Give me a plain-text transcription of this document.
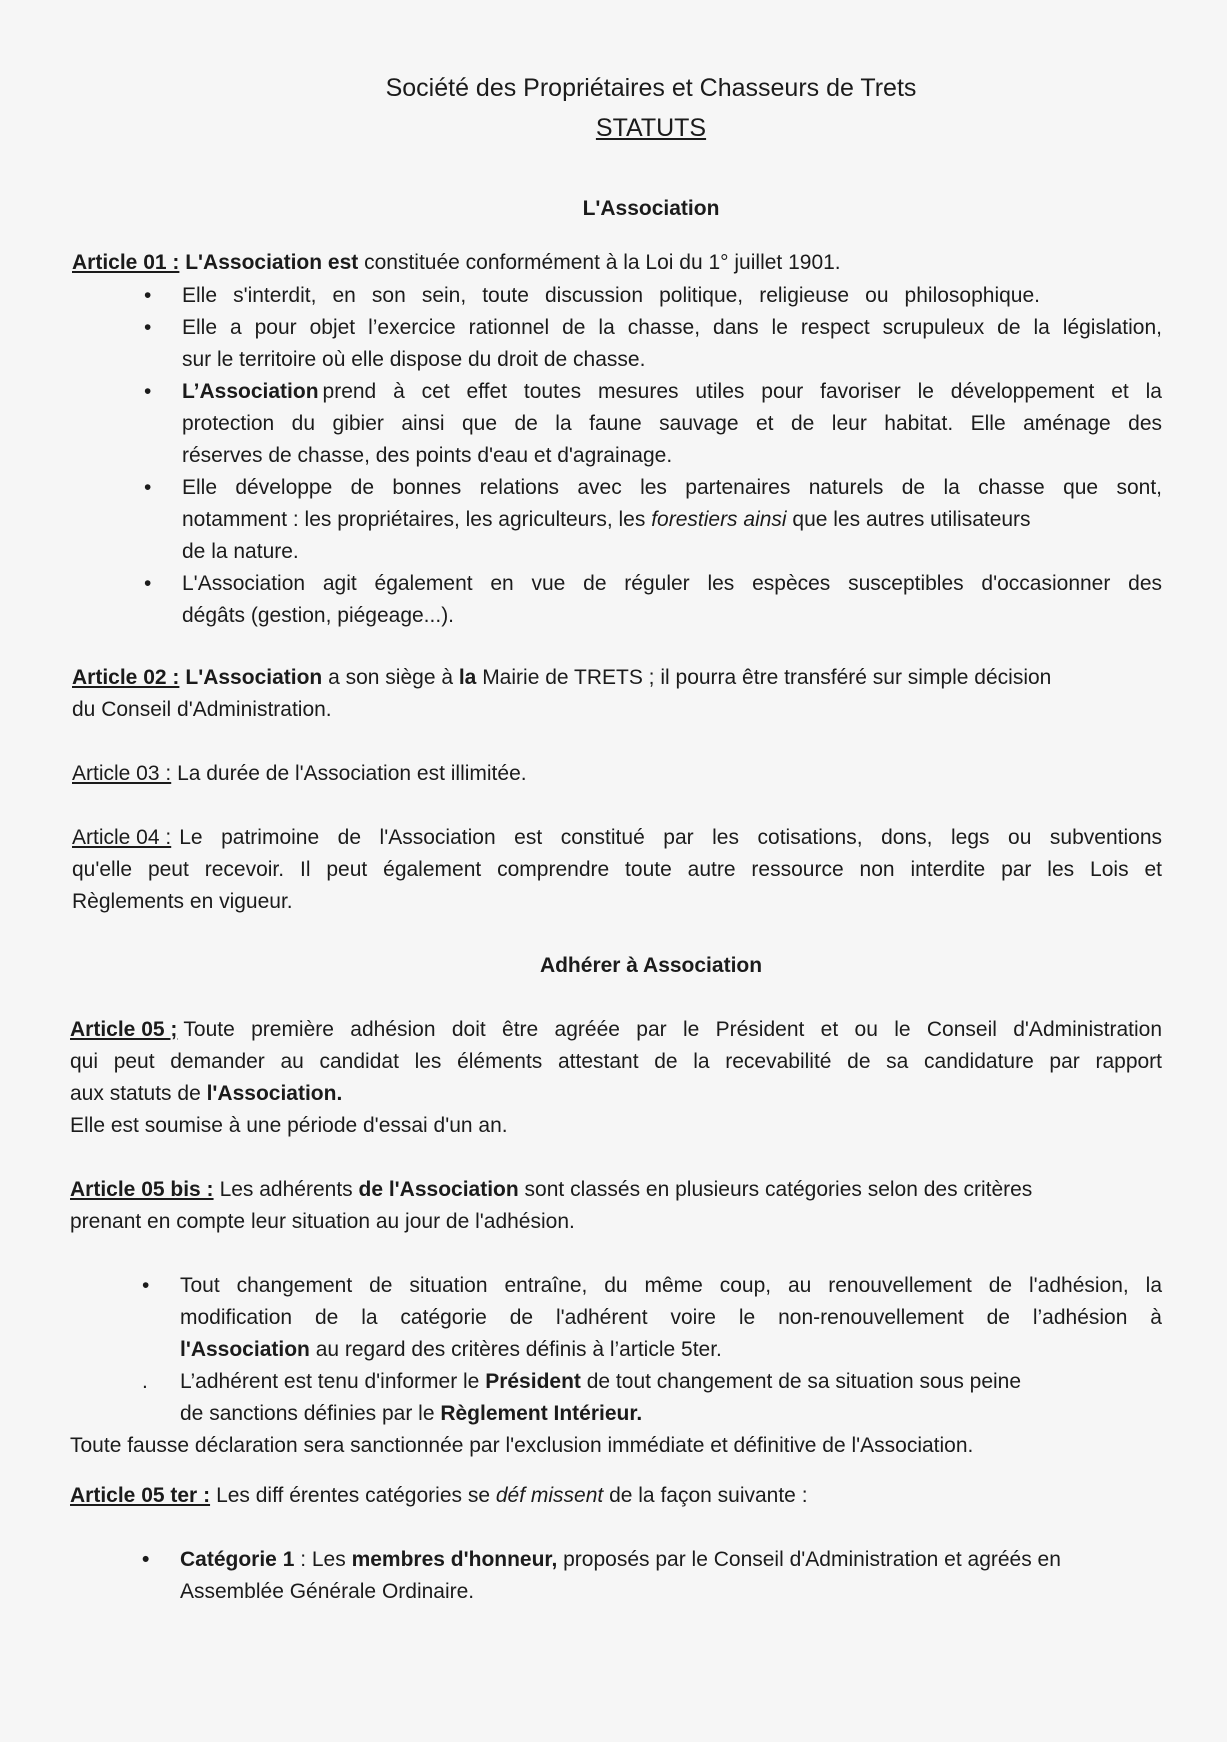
Société des Propriétaires et Chasseurs de Trets
STATUTS
L'Association
Article 01 : L'Association est constituée conformément à la Loi du 1° juillet 1901.
• Elle s'interdit, en son sein, toute discussion politique, religieuse ou philosophique.
• Elle a pour objet l’exercice rationnel de la chasse, dans le respect scrupuleux de la législation,
sur le territoire où elle dispose du droit de chasse.
• L’Association prend à cet effet toutes mesures utiles pour favoriser le développement et la
protection du gibier ainsi que de la faune sauvage et de leur habitat. Elle aménage des
réserves de chasse, des points d'eau et d'agrainage.
• Elle développe de bonnes relations avec les partenaires naturels de la chasse que sont,
notamment : les propriétaires, les agriculteurs, les forestiers ainsi que les autres utilisateurs
de la nature.
• L'Association agit également en vue de réguler les espèces susceptibles d'occasionner des
dégâts (gestion, piégeage...).
Article 02 : L'Association a son siège à la Mairie de TRETS ; il pourra être transféré sur simple décision
du Conseil d'Administration.
Article 03 : La durée de l'Association est illimitée.
Article 04 : Le patrimoine de l'Association est constitué par les cotisations, dons, legs ou subventions
qu'elle peut recevoir. Il peut également comprendre toute autre ressource non interdite par les Lois et
Règlements en vigueur.
Adhérer à Association
Article 05 ; Toute première adhésion doit être agréée par le Président et ou le Conseil d'Administration
qui peut demander au candidat les éléments attestant de la recevabilité de sa candidature par rapport
aux statuts de l'Association.
Elle est soumise à une période d'essai d'un an.
Article 05 bis : Les adhérents de l'Association sont classés en plusieurs catégories selon des critères
prenant en compte leur situation au jour de l'adhésion.
• Tout changement de situation entraîne, du même coup, au renouvellement de l'adhésion, la
modification de la catégorie de l'adhérent voire le non-renouvellement de l’adhésion à
l'Association au regard des critères définis à l’article 5ter.
. L’adhérent est tenu d'informer le Président de tout changement de sa situation sous peine
de sanctions définies par le Règlement Intérieur.
Toute fausse déclaration sera sanctionnée par l'exclusion immédiate et définitive de l'Association.
Article 05 ter : Les diff érentes catégories se déf missent de la façon suivante :
• Catégorie 1 : Les membres d'honneur, proposés par le Conseil d'Administration et agréés en
Assemblée Générale Ordinaire.
